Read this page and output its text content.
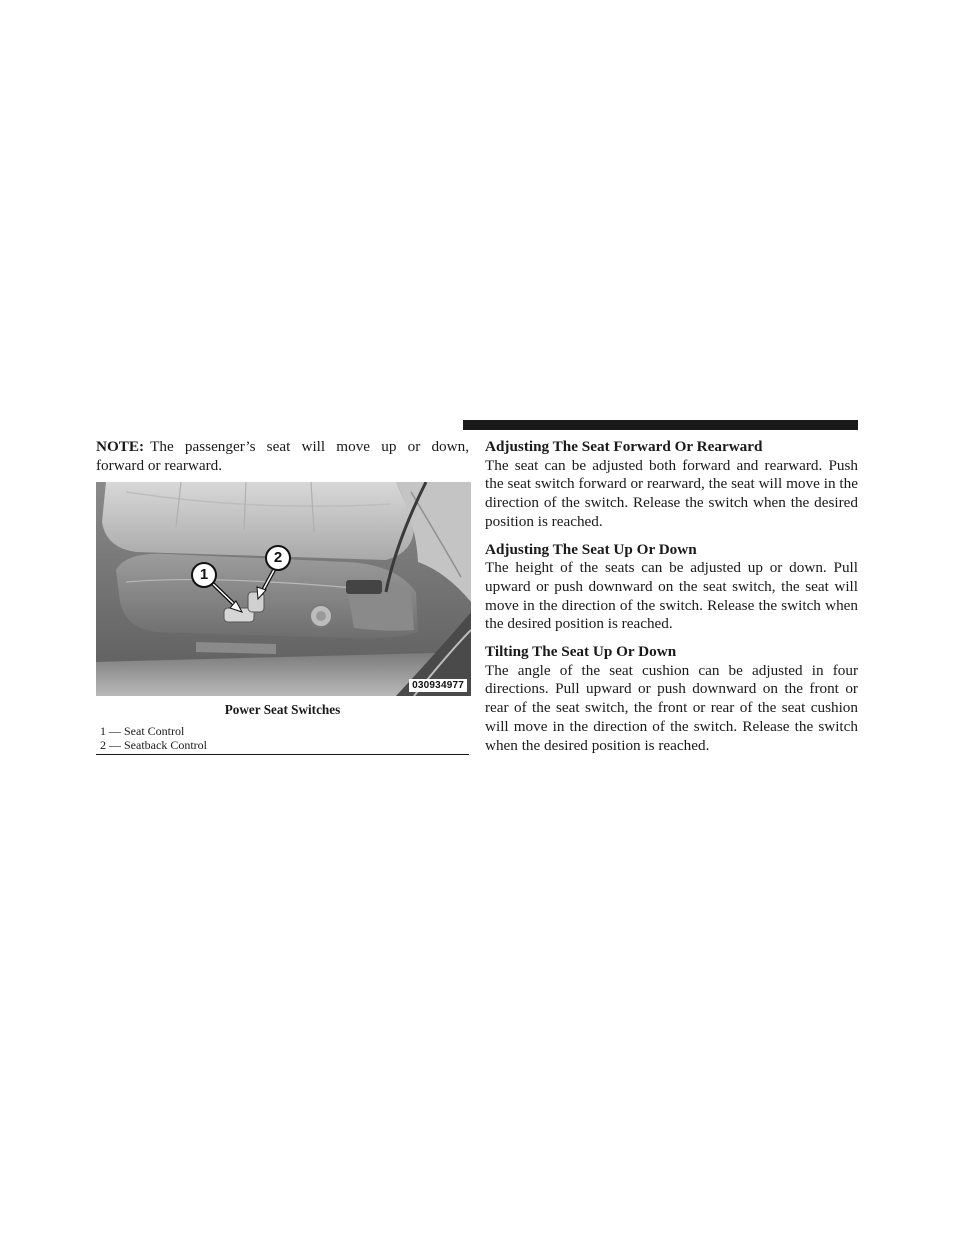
NOTE: The passenger’s seat will move up or down, forward or rearward.

1
2
030934977
Power Seat Switches
1 — Seat Control
2 — Seatback Control

Adjusting The Seat Forward Or Rearward

The seat can be adjusted both forward and rearward. Push the seat switch forward or rearward, the seat will move in the direction of the switch. Release the switch when the desired position is reached.

Adjusting The Seat Up Or Down

The height of the seats can be adjusted up or down. Pull upward or push downward on the seat switch, the seat will move in the direction of the switch. Release the switch when the desired position is reached.

Tilting The Seat Up Or Down

The angle of the seat cushion can be adjusted in four directions. Pull upward or push downward on the front or rear of the seat switch, the front or rear of the seat cushion will move in the direction of the switch. Release the switch when the desired position is reached.
